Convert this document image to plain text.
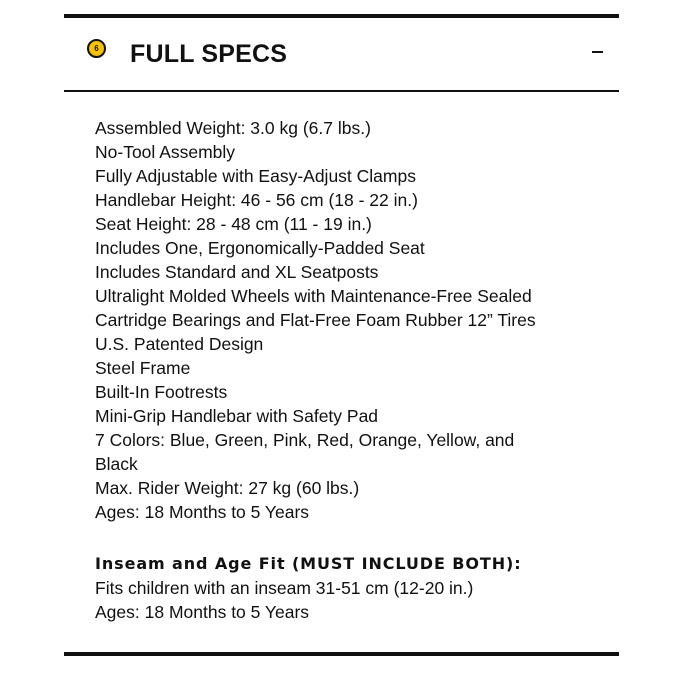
6 FULL SPECS
Assembled Weight: 3.0 kg (6.7 lbs.)
No-Tool Assembly
Fully Adjustable with Easy-Adjust Clamps
Handlebar Height: 46 - 56 cm (18 - 22 in.)
Seat Height: 28 - 48 cm (11 - 19 in.)
Includes One, Ergonomically-Padded Seat
Includes Standard and XL Seatposts
Ultralight Molded Wheels with Maintenance-Free Sealed
Cartridge Bearings and Flat-Free Foam Rubber 12” Tires
U.S. Patented Design
Steel Frame
Built-In Footrests
Mini-Grip Handlebar with Safety Pad
7 Colors: Blue, Green, Pink, Red, Orange, Yellow, and
Black
Max. Rider Weight: 27 kg (60 lbs.)
Ages: 18 Months to 5 Years

Inseam and Age Fit (MUST INCLUDE BOTH):

Fits children with an inseam 31-51 cm (12-20 in.)

Ages: 18 Months to 5 Years
